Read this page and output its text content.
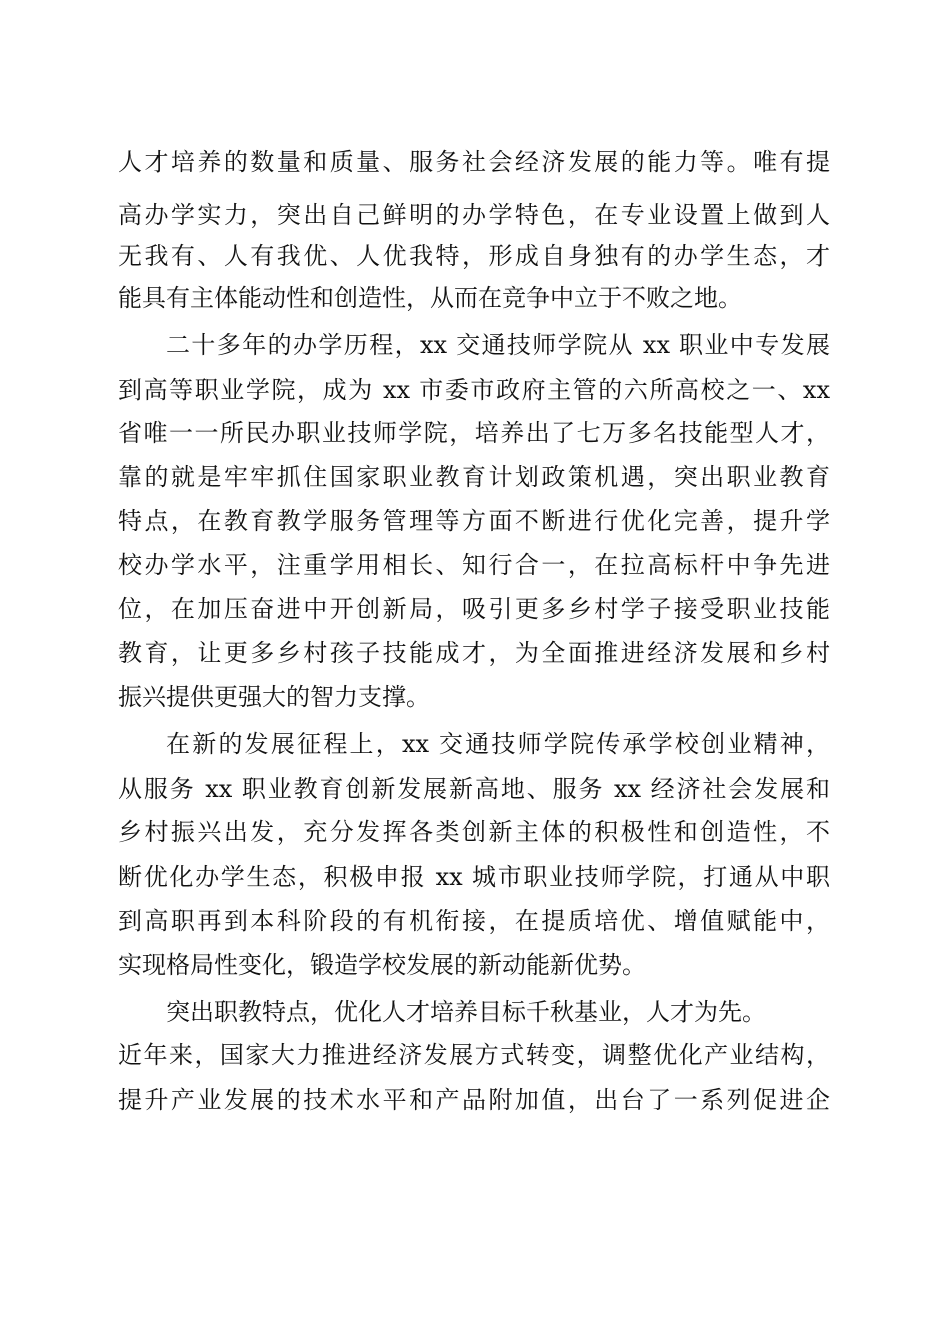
人才培养的数量和质量、服务社会经济发展的能力等。唯有提
高办学实力，突出自己鲜明的办学特色，在专业设置上做到人
无我有、人有我优、人优我特，形成自身独有的办学生态，才
能具有主体能动性和创造性，从而在竞争中立于不败之地。
二十多年的办学历程，xx 交通技师学院从 xx 职业中专发展
到高等职业学院，成为 xx 市委市政府主管的六所高校之一、xx
省唯一一所民办职业技师学院，培养出了七万多名技能型人才，
靠的就是牢牢抓住国家职业教育计划政策机遇，突出职业教育
特点，在教育教学服务管理等方面不断进行优化完善，提升学
校办学水平，注重学用相长、知行合一，在拉高标杆中争先进
位，在加压奋进中开创新局，吸引更多乡村学子接受职业技能
教育，让更多乡村孩子技能成才，为全面推进经济发展和乡村
振兴提供更强大的智力支撑。
在新的发展征程上，xx 交通技师学院传承学校创业精神，
从服务 xx 职业教育创新发展新高地、服务 xx 经济社会发展和
乡村振兴出发，充分发挥各类创新主体的积极性和创造性，不
断优化办学生态，积极申报 xx 城市职业技师学院，打通从中职
到高职再到本科阶段的有机衔接，在提质培优、增值赋能中，
实现格局性变化，锻造学校发展的新动能新优势。
突出职教特点，优化人才培养目标千秋基业，人才为先。
近年来，国家大力推进经济发展方式转变，调整优化产业结构，
提升产业发展的技术水平和产品附加值，出台了一系列促进企
